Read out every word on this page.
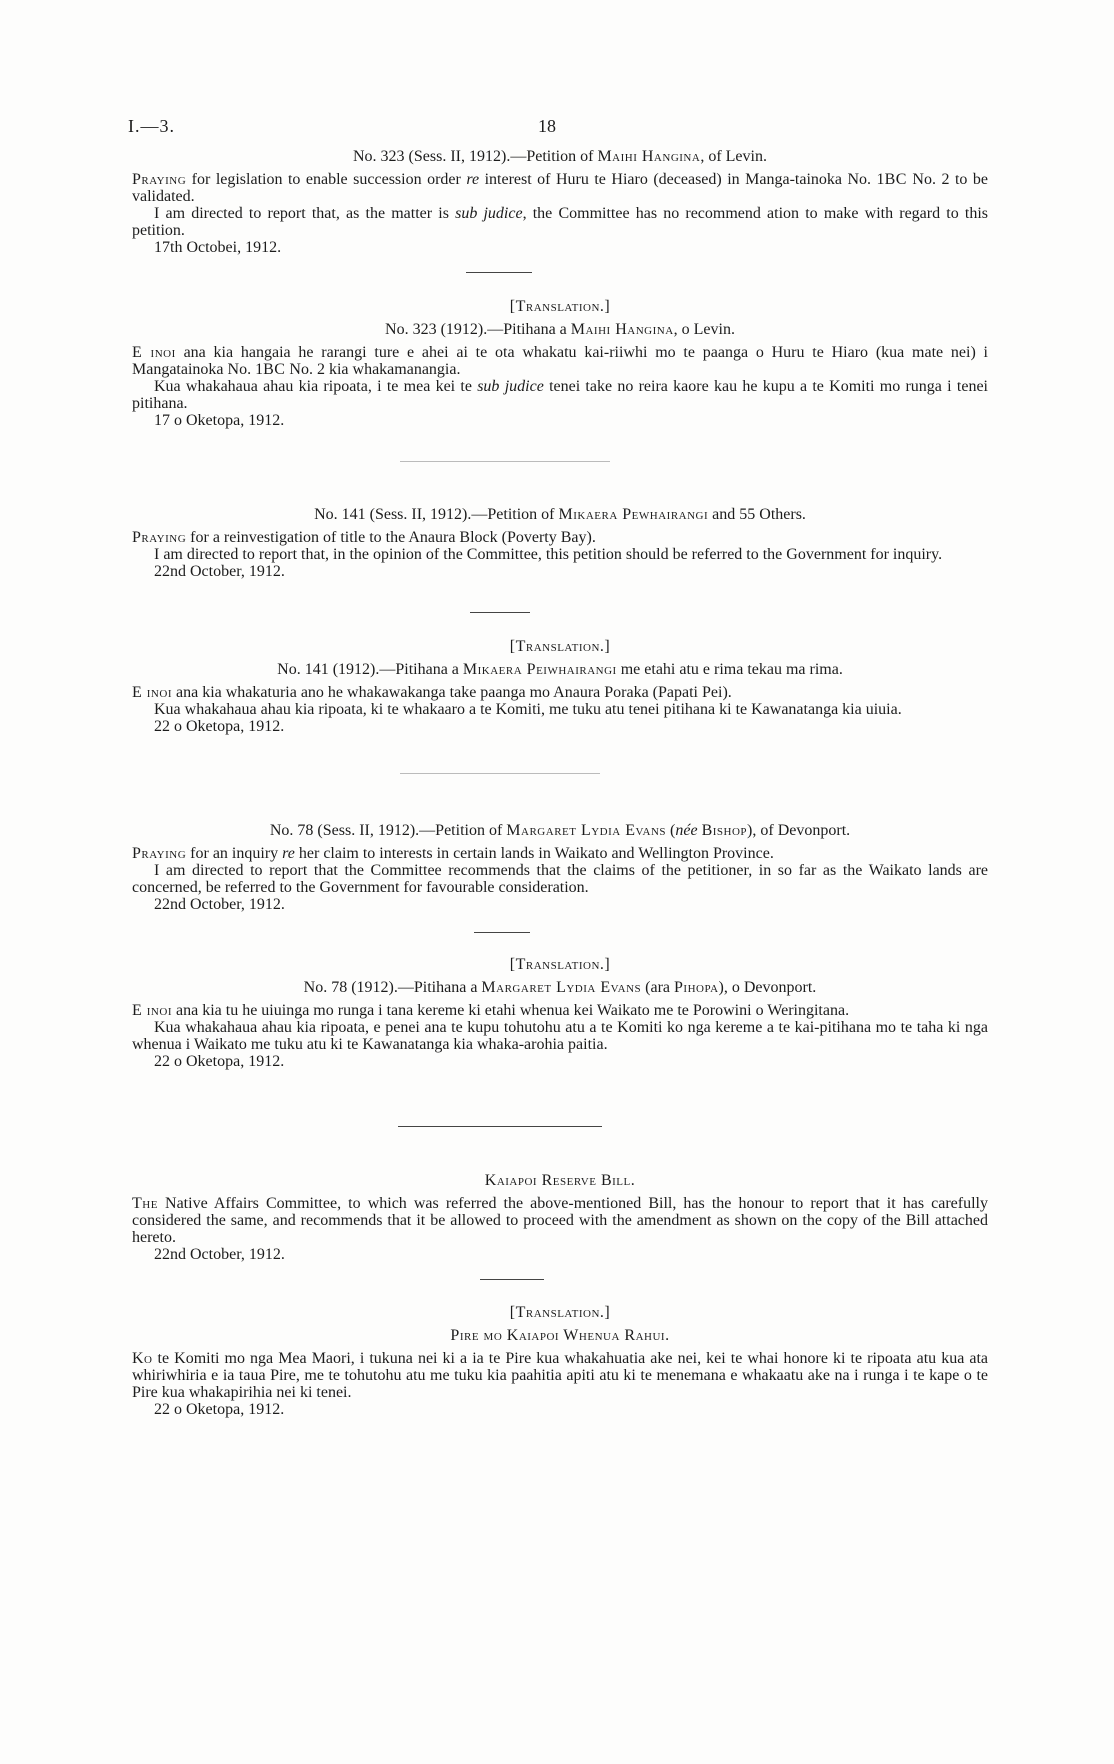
I.—3.	18

No. 323 (Sess. II, 1912).—Petition of Maihi Hangina, of Levin.

Praying for legislation to enable succession order re interest of Huru te Hiaro (deceased) in Manga-tainoka No. 1BC No. 2 to be validated.

I am directed to report that, as the matter is sub judice, the Committee has no recommend ation to make with regard to this petition.

17th Octobei, 1912.

[Translation.]

No. 323 (1912).—Pitihana a Maihi Hangina, o Levin.

E inoi ana kia hangaia he rarangi ture e ahei ai te ota whakatu kai-riiwhi mo te paanga o Huru te Hiaro (kua mate nei) i Mangatainoka No. 1BC No. 2 kia whakamanangia.

Kua whakahaua ahau kia ripoata, i te mea kei te sub judice tenei take no reira kaore kau he kupu a te Komiti mo runga i tenei pitihana.

17 o Oketopa, 1912.

No. 141 (Sess. II, 1912).—Petition of Mikaera Pewhairangi and 55 Others.

Praying for a reinvestigation of title to the Anaura Block (Poverty Bay).

I am directed to report that, in the opinion of the Committee, this petition should be referred to the Government for inquiry.

22nd October, 1912.

[Translation.]

No. 141 (1912).—Pitihana a Mikaera Peiwhairangi me etahi atu e rima tekau ma rima.

E inoi ana kia whakaturia ano he whakawakanga take paanga mo Anaura Poraka (Papati Pei).

Kua whakahaua ahau kia ripoata, ki te whakaaro a te Komiti, me tuku atu tenei pitihana ki te Kawanatanga kia uiuia.

22 o Oketopa, 1912.

No. 78 (Sess. II, 1912).—Petition of Margaret Lydia Evans (née Bishop), of Devonport.

Praying for an inquiry re her claim to interests in certain lands in Waikato and Wellington Province.

I am directed to report that the Committee recommends that the claims of the petitioner, in so far as the Waikato lands are concerned, be referred to the Government for favourable consideration.

22nd October, 1912.

[Translation.]

No. 78 (1912).—Pitihana a Margaret Lydia Evans (ara Pihopa), o Devonport.

E inoi ana kia tu he uiuinga mo runga i tana kereme ki etahi whenua kei Waikato me te Porowini o Weringitana.

Kua whakahaua ahau kia ripoata, e penei ana te kupu tohutohu atu a te Komiti ko nga kereme a te kai-pitihana mo te taha ki nga whenua i Waikato me tuku atu ki te Kawanatanga kia whaka-arohia paitia.

22 o Oketopa, 1912.

Kaiapoi Reserve Bill.

The Native Affairs Committee, to which was referred the above-mentioned Bill, has the honour to report that it has carefully considered the same, and recommends that it be allowed to proceed with the amendment as shown on the copy of the Bill attached hereto.

22nd October, 1912.

[Translation.]

Pire mo Kaiapoi Whenua Rahui.

Ko te Komiti mo nga Mea Maori, i tukuna nei ki a ia te Pire kua whakahuatia ake nei, kei te whai honore ki te ripoata atu kua ata whiriwhiria e ia taua Pire, me te tohutohu atu me tuku kia paahitia apiti atu ki te menemana e whakaatu ake na i runga i te kape o te Pire kua whakapirihia nei ki tenei.

22 o Oketopa, 1912.
